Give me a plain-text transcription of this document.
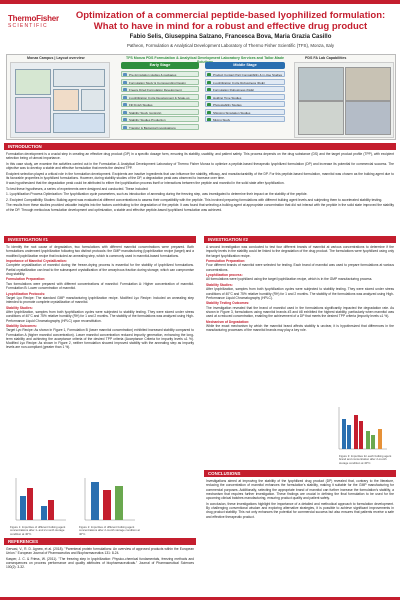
ThermoFisher
SCIENTIFIC
Optimization of a commercial peptide-based lyophilized formulation: What to have in mind for a robust and effective drug product
Fabio Selis, Giuseppina Salzano, Francesca Bova, Maria Grazia Casillo
Patheon, Formulation & Analytical Development Laboratory of Thermo Fisher Scientific (TFS), Monza, Italy
Monza Campus | Layout overview	TFS Monza PDS Formulation & Analytical Development Laboratory Services and Tailor-Made	PDS FA Lab Capabilities
Early Stage	Middle Stage
Pre-formulation studies & packages
Formulation Study & Compounding Design
Freeze Dried Formulation Development
Lyophilization Cycle Development & Scale-up
Fill Finish Studies
Stability Study (controls)
Stability Studies Production
Transfer & Biological Investigations
Product Contact Part Compatibility & in-Use Studies
Lyophilization Cycle Robustness (DoE)
Formulation Robustness (DoE)
Holding Time Studies
Photostability Studies
Shipping Simulation Studies
Mixing Study
INTRODUCTION

Formulation development is a crucial step in creating an effective drug product (DP) in a specific dosage form, ensuring its stability, usability, and patient safety. This process depends on the drug substance (DS) and the target product profile (TPP), with excipient selection being of utmost importance.

In this case study, we examine the activities carried out in the Formulation & Analytical Development Laboratory of Thermo Fisher Monza to optimize a peptide-based therapeutic lyophilized formulation (DP) and increase its potential for commercial success. The objective was to develop a stable and effective formulation that meets the desired TPP.

Excipient selection played a critical role in the formulation development. Excipients are inactive ingredients that can influence the stability, efficacy, and manufacturability of the DP. For this peptide-based formulation, mannitol was chosen as the bulking agent due to its favorable properties in lyophilized formulations. However, during stability studies of the DP, a degradation peak was observed to increase over time.

It was hypothesized that the degradation peak could be attributed to either the lyophilization process itself or interactions between the peptide and mannitol in the solid state after lyophilization.

To test these hypotheses, a series of experiments were designed and conducted. These included:

1. Lyophilization Process Optimization: The lyophilization cycle parameters, such as introduction of annealing during the freezing step, was investigated to determine their impact on the stability of the peptide.

2. Excipient Compatibility Studies: Bulking agent was evaluated at different concentrations to assess their compatibility with the peptide. This involved preparing formulations with different bulking agent levels and subjecting them to accelerated stability testing.

The results from these studies provided valuable insights into the factors contributing to the degradation of the peptide. It was found that selecting a bulking agent at appropriate concentration that did not interact with the peptide in the solid state improved the stability of the DP. Through meticulous formulation development and optimization, a stable and effective peptide-based lyophilized formulation was achieved.

INVESTIGATION #1

To identify the root cause of degradation, two formulations with different mannitol concentrations were prepared. Both formulations underwent lyophilization following two distinct protocols: the GMP manufacturing (lyophilization recipe (target) and a modified lyophilization recipe that included an annealing step, which is commonly used in mannitol-based formulations.

Importance of Mannitol Crystallization:
Complete crystallization of mannitol during the freeze-drying process is essential for the stability of lyophilized formulations. Partial crystallization can lead to the subsequent crystallization of the amorphous fraction during storage, which can compromise drug stability.

Formulation Preparation:
Two formulations were prepared with different concentrations of mannitol: Formulation A: Higher concentration of mannitol. Formulation B: Lower concentration of mannitol.

Lyophilization Protocols:
Target Lyo Recipe: The standard GMP manufacturing lyophilization recipe. Modified Lyo Recipe: Included an annealing step intended to promote complete crystallization of mannitol.

Stability Studies:
After lyophilization, samples from both lyophilization cycles were subjected to stability testing. They were stored under stress conditions of 40°C and 75% relative humidity (RH) for 1 and 2 months. The stability of the formulations was analyzed using High-Performance Liquid Chromatography (HPLC) upon reconstitution.

Stability Outcomes:
Target Lyo Recipe: As shown in Figure 1, Formulation B (lower mannitol concentration) exhibited increased stability compared to Formulation A (higher mannitol concentration). Lower mannitol concentration reduced impurity generation, enhancing the long-term stability and achieving the acceptance criteria of the desired TPP criteria (Acceptance Criteria for impurity levels ≤1 %). Modified Lyo Recipe: As shown in Figure 2, neither formulation showed improved stability with the annealing step as impurity levels are non-compliant (greater than 1 %).

Figure 1: Impurities of different bulking agent concentrations after 1- and 2-month storage condition at 40°C.
Figure 2: Impurities of different bulking agent concentrations after 2-month storage condition at 40°C.
REFERENCES

Gervasi, V., R. D. Agnew, et al. (2018). "Parenteral protein formulations: An overview of approved products within the European Union." European Journal of Pharmaceutics and Biopharmaceutics 131: 8-24.

Kasper, J. C. & Friess, W. (2011). "The freezing step in lyophilization: Physico-chemical fundamentals, freezing methods and consequences on process performance and quality attributes of biopharmaceuticals." Journal of Pharmaceutical Sciences 100(2): 3-32.

INVESTIGATION #2

A second investigation was conducted to test four different brands of mannitol at various concentrations to determine if the impurity levels in the stability could be linked to the degradation of the drug product. The formulations were lyophilized using only the target lyophilization recipe.

Formulation Preparation:
Four different brands of mannitol were selected for testing. Each brand of mannitol was used to prepare formulations at various concentrations.

Lyophilization process:
All formulations were lyophilized using the target lyophilization recipe, which is in the GMP manufacturing process.

Stability Studies:
After lyophilization, samples from both lyophilization cycles were subjected to stability testing. They were stored under stress conditions of 40°C and 75% relative humidity (RH) for 1 and 2 months. The stability of the formulations was analyzed using High-Performance Liquid Chromatography (HPLC).

Stability Testing Outcomes:
The investigation revealed that the brand of mannitol used in the formulations significantly impacted the degradation rate. As shown in Figure 3, formulations using mannitol brands #3 and #8 exhibited the highest stability, particularly when mannitol was used at a reduced concentration, enabling the achievement of a DP that meets the desired TPP criteria (impurity levels ≤1 %).

Mechanism of Degradation:
While the exact mechanism by which the mannitol brand affects stability is unclear, it is hypothesized that differences in the manufacturing processes of the mannitol brands may play a key role.

Figure 3: Impurities for each bulking agent brand and concentration after 2-month storage condition at 40°C.
CONCLUSIONS

Investigations aimed at improving the stability of the lyophilized drug product (DP) revealed that, contrary to the literature, reducing the concentration of mannitol enhances the formulation's stability, making it suitable for the GMP manufacturing for commercial purposes. Additionally, selecting the appropriate brand of mannitol can further increase the formulation's stability, a mechanism that requires further investigation. These findings are crucial in defining the final formulation to be used for the upcoming clinical batches manufacturing, ensuring product quality and patient safety.

In conclusion, these investigations highlight the importance of a detailed and methodical approach to formulation development. By challenging conventional wisdom and exploring alternative strategies, it is possible to achieve significant improvements in drug product stability. This not only enhances the potential for commercial success but also ensures that patients receive a safe and effective therapeutic product.
